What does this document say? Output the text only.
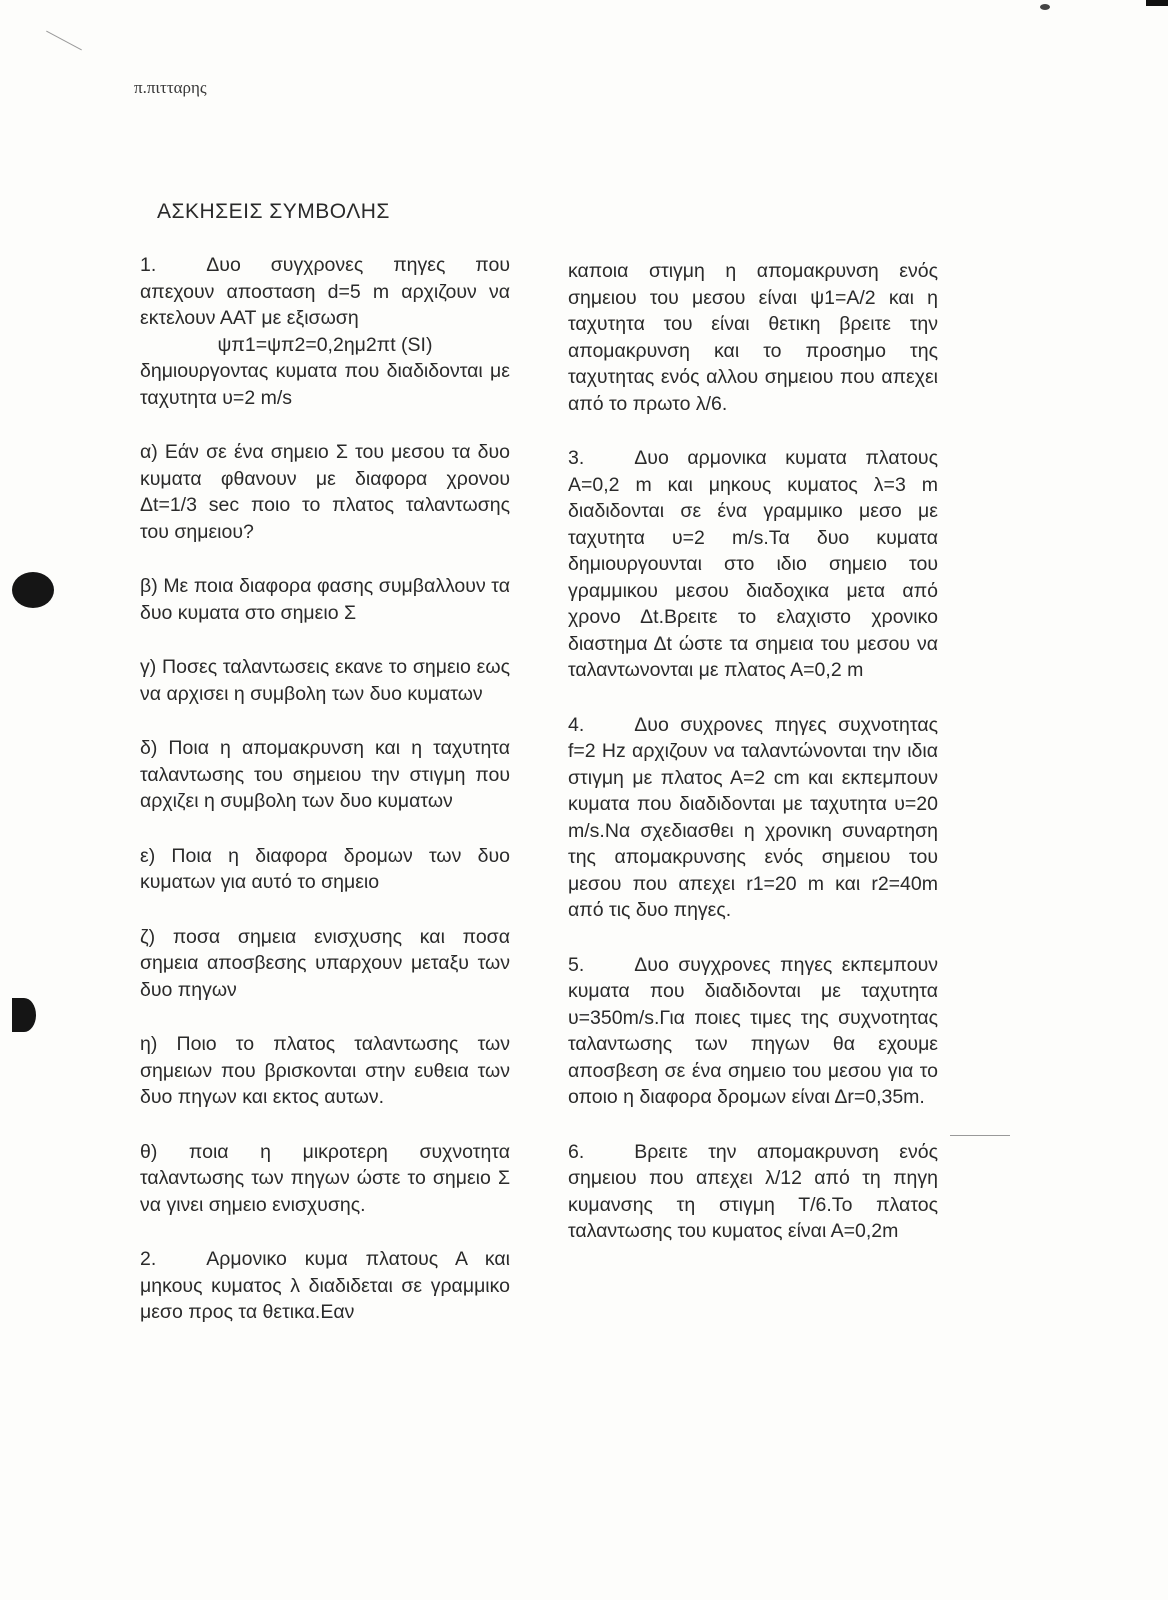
π.πιτταρης
ΑΣΚΗΣΕΙΣ ΣΥΜΒΟΛΗΣ

1.	Δυο συγχρονες πηγες που απεχουν αποσταση d=5 m αρχιζουν να εκτελουν ΑΑΤ με εξισωση

ψπ1=ψπ2=0,2ημ2πt (SI)

δημιουργοντας κυματα που διαδιδονται με ταχυτητα υ=2 m/s

α) Εάν σε ένα σημειο Σ του μεσου τα δυο κυματα φθανουν με διαφορα χρονου Δt=1/3 sec ποιο το πλατος ταλαντωσης του σημειου?

β) Με ποια διαφορα φασης συμβαλλουν τα δυο κυματα στο σημειο Σ

γ) Ποσες ταλαντωσεις εκανε το σημειο εως να αρχισει η συμβολη των δυο κυματων

δ) Ποια η απομακρυνση και η ταχυτητα ταλαντωσης του σημειου την στιγμη που αρχιζει η συμβολη των δυο κυματων

ε) Ποια η διαφορα δρομων των δυο κυματων για αυτό το σημειο

ζ) ποσα σημεια ενισχυσης και ποσα σημεια αποσβεσης υπαρχουν μεταξυ των δυο πηγων

η) Ποιο το πλατος ταλαντωσης των σημειων που βρισκονται στην ευθεια των δυο πηγων και εκτος αυτων.

θ) ποια η μικροτερη συχνοτητα ταλαντωσης των πηγων ώστε το σημειο Σ να γινει σημειο ενισχυσης.

2.	Αρμονικο κυμα πλατους Α και μηκους κυματος λ διαδιδεται σε γραμμικο μεσο προς τα θετικα.Εαν

καποια στιγμη η απομακρυνση ενός σημειου του μεσου είναι ψ1=Α/2 και η ταχυτητα του είναι θετικη βρειτε την απομακρυνση και το προσημο της ταχυτητας ενός αλλου σημειου που απεχει από το πρωτο λ/6.

3.	Δυο αρμονικα κυματα πλατους Α=0,2 m και μηκους κυματος λ=3 m διαδιδονται σε ένα γραμμικο μεσο με ταχυτητα υ=2 m/s.Τα δυο κυματα δημιουργουνται στο ιδιο σημειο του γραμμικου μεσου διαδοχικα μετα από χρονο Δt.Βρειτε το ελαχιστο χρονικο διαστημα Δt ώστε τα σημεια του μεσου να ταλαντωνονται με πλατος Α=0,2 m

4.	Δυο συχρονες πηγες συχνοτητας f=2 Hz αρχιζουν να ταλαντώνονται την ιδια στιγμη με πλατος Α=2 cm και εκπεμπουν κυματα που διαδιδονται με ταχυτητα υ=20 m/s.Να σχεδιασθει η χρονικη συναρτηση της απομακρυνσης ενός σημειου του μεσου που απεχει r1=20 m και r2=40m από τις δυο πηγες.

5.	Δυο συγχρονες πηγες εκπεμπουν κυματα που διαδιδονται με ταχυτητα υ=350m/s.Για ποιες τιμες της συχνοτητας ταλαντωσης των πηγων θα εχουμε αποσβεση σε ένα σημειο του μεσου για το οποιο η διαφορα δρομων είναι Δr=0,35m.

6.	Βρειτε την απομακρυνση ενός σημειου που απεχει λ/12 από τη πηγη κυμανσης τη στιγμη Τ/6.Το πλατος ταλαντωσης του κυματος είναι Α=0,2m
